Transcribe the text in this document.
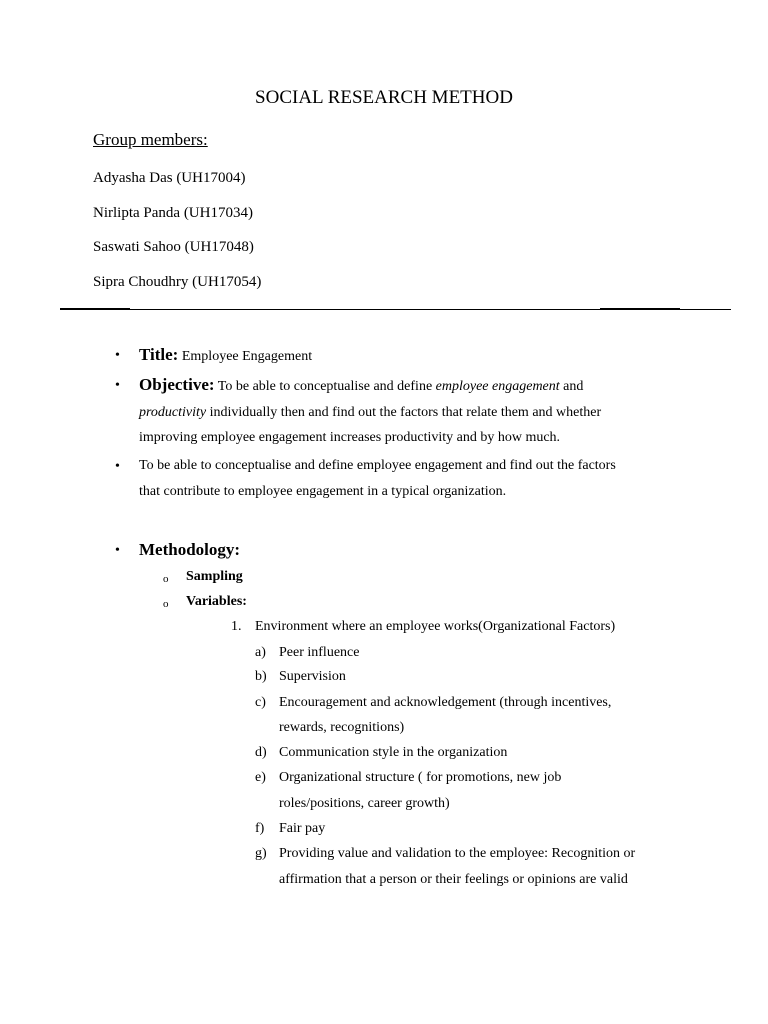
SOCIAL RESEARCH METHOD
Group members:
Adyasha Das (UH17004)
Nirlipta Panda (UH17034)
Saswati Sahoo (UH17048)
Sipra Choudhry (UH17054)
• Title: Employee Engagement
• Objective: To be able to conceptualise and define employee engagement and
productivity individually then and find out the factors that relate them and whether
improving employee engagement increases productivity and by how much.
• To be able to conceptualise and define employee engagement and find out the factors
that contribute to employee engagement in a typical organization.
• Methodology:
o Sampling
o Variables:
1. Environment where an employee works(Organizational Factors)
a) Peer influence
b) Supervision
c) Encouragement and acknowledgement (through incentives,
rewards, recognitions)
d) Communication style in the organization
e) Organizational structure ( for promotions, new job
roles/positions, career growth)
f) Fair pay
g) Providing value and validation to the employee: Recognition or
affirmation that a person or their feelings or opinions are valid
